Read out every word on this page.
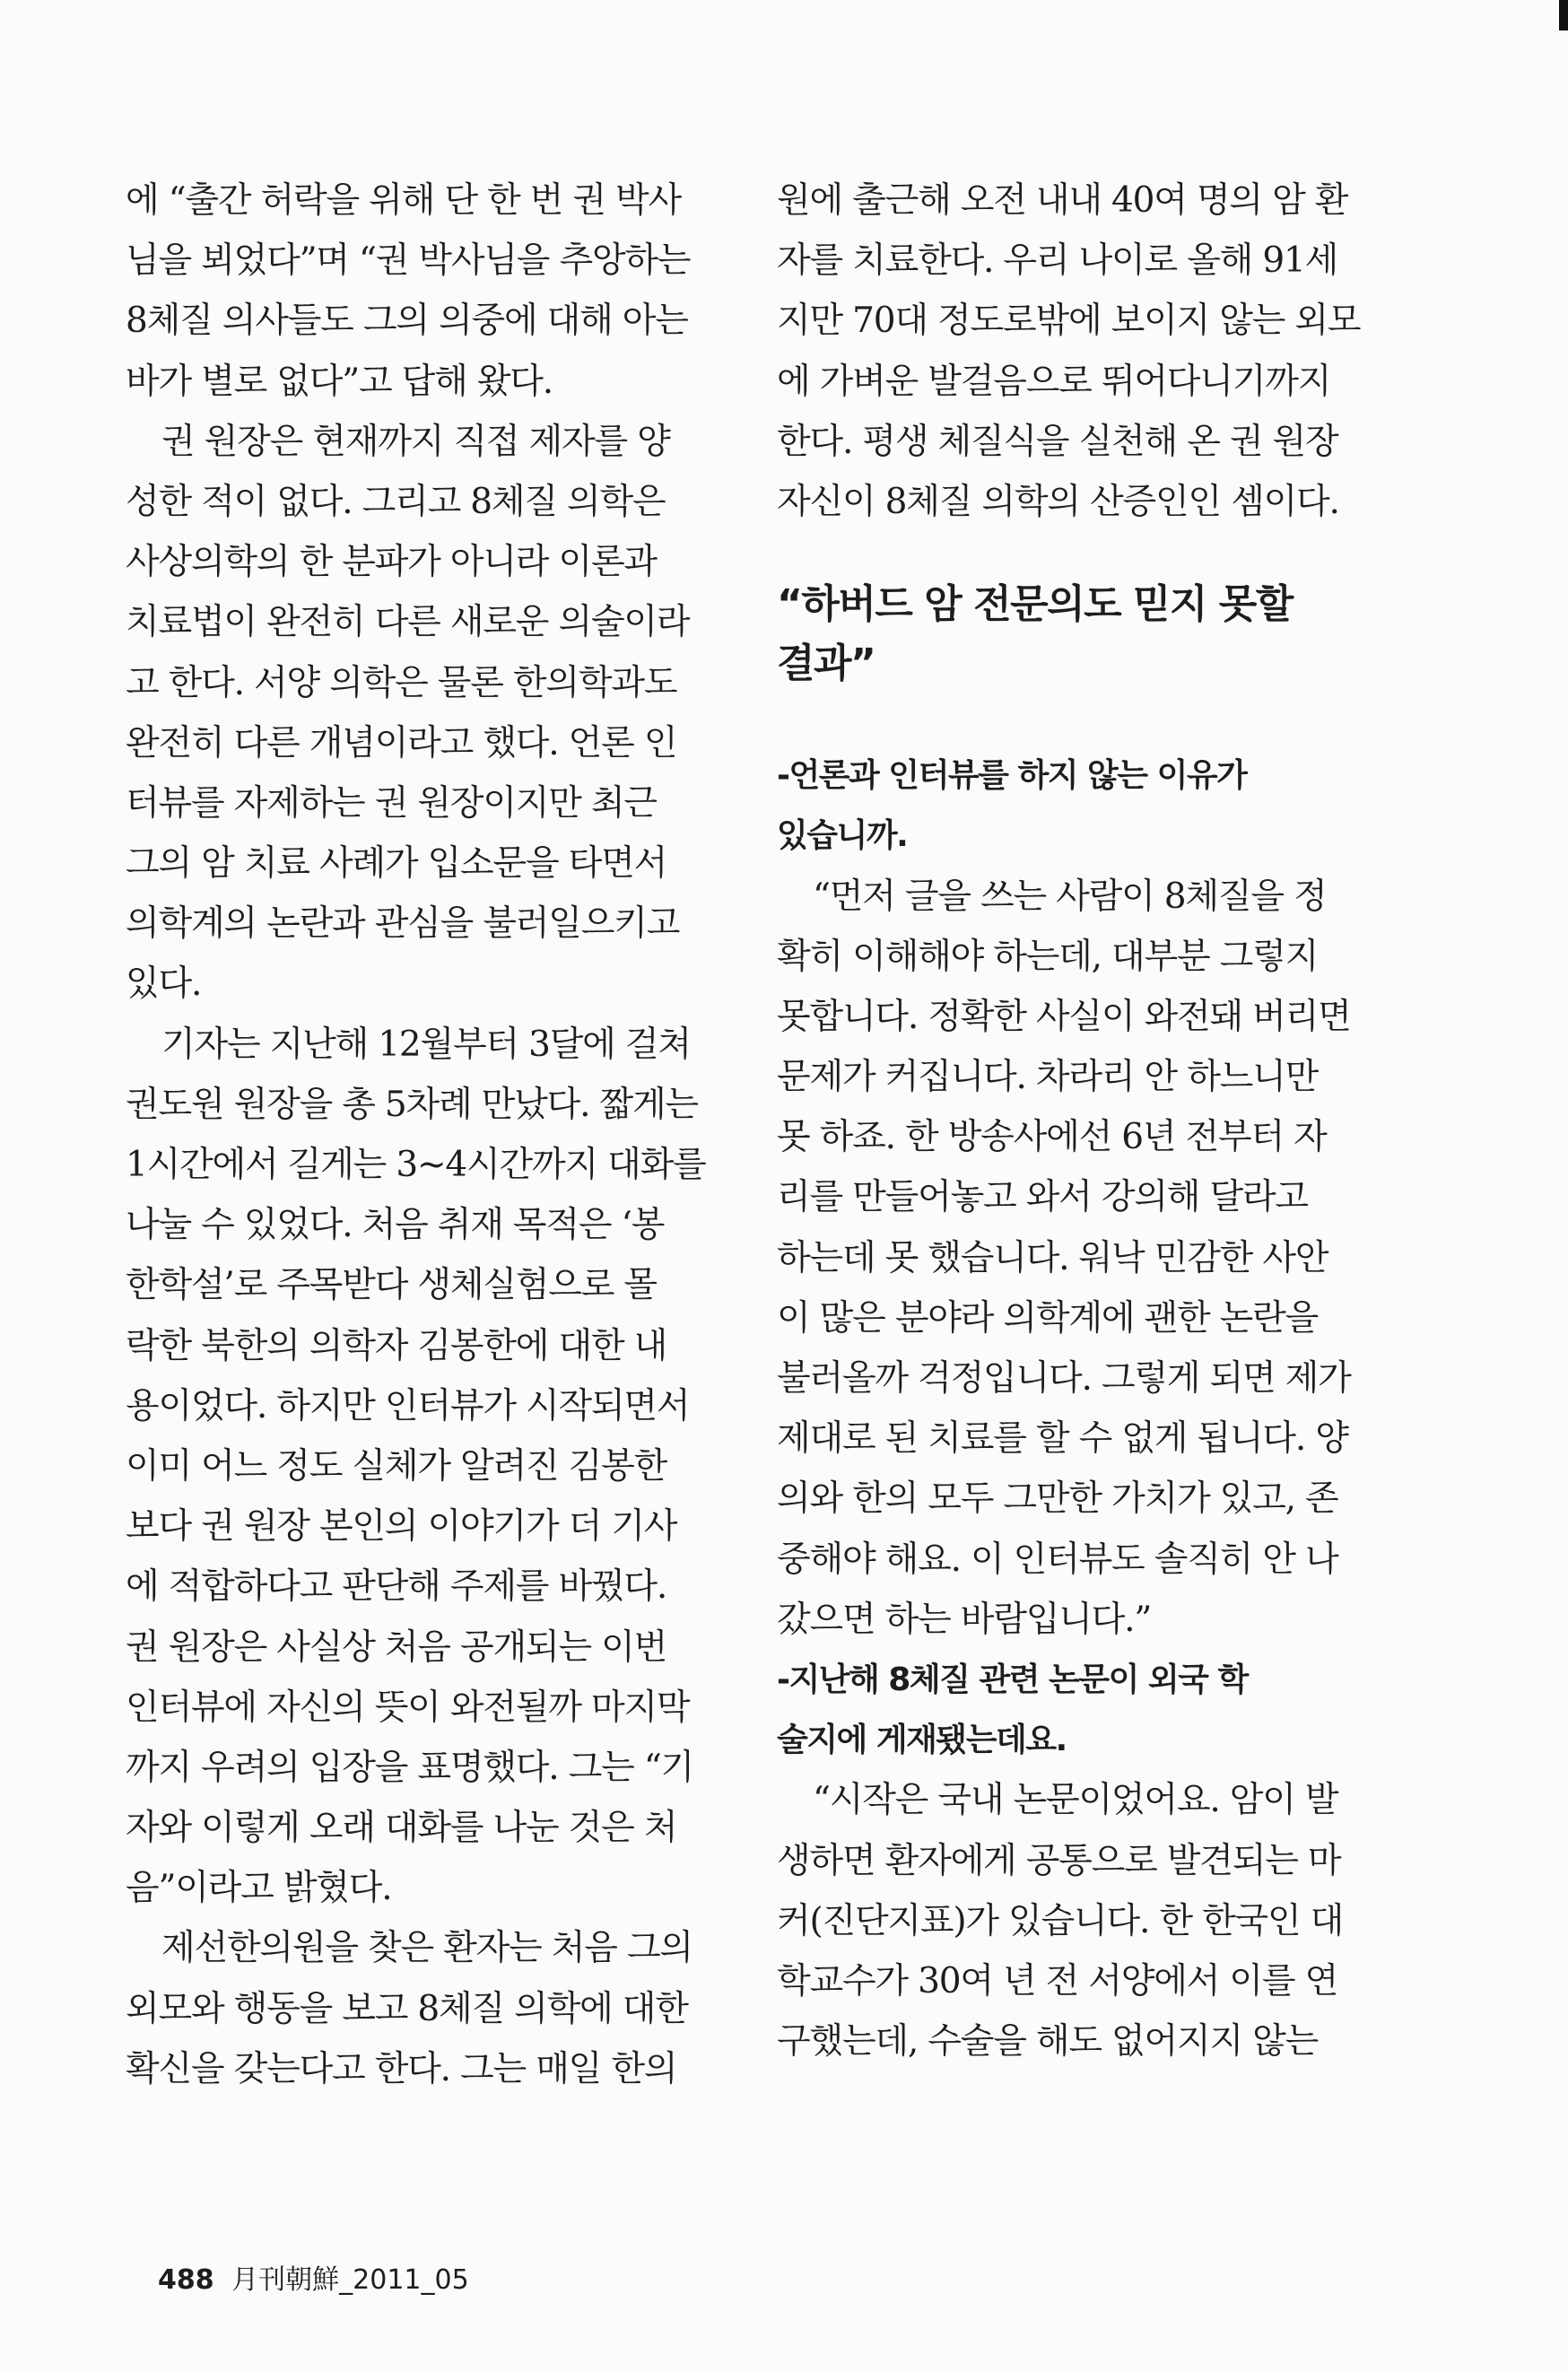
에 “출간 허락을 위해 단 한 번 권 박사
님을 뵈었다”며 “권 박사님을 추앙하는
8체질 의사들도 그의 의중에 대해 아는
바가 별로 없다”고 답해 왔다.
권 원장은 현재까지 직접 제자를 양
성한 적이 없다. 그리고 8체질 의학은
사상의학의 한 분파가 아니라 이론과
치료법이 완전히 다른 새로운 의술이라
고 한다. 서양 의학은 물론 한의학과도
완전히 다른 개념이라고 했다. 언론 인
터뷰를 자제하는 권 원장이지만 최근
그의 암 치료 사례가 입소문을 타면서
의학계의 논란과 관심을 불러일으키고
있다.
기자는 지난해 12월부터 3달에 걸쳐
권도원 원장을 총 5차례 만났다. 짧게는
1시간에서 길게는 3~4시간까지 대화를
나눌 수 있었다. 처음 취재 목적은 ‘봉
한학설’로 주목받다 생체실험으로 몰
락한 북한의 의학자 김봉한에 대한 내
용이었다. 하지만 인터뷰가 시작되면서
이미 어느 정도 실체가 알려진 김봉한
보다 권 원장 본인의 이야기가 더 기사
에 적합하다고 판단해 주제를 바꿨다.
권 원장은 사실상 처음 공개되는 이번
인터뷰에 자신의 뜻이 와전될까 마지막
까지 우려의 입장을 표명했다. 그는 “기
자와 이렇게 오래 대화를 나눈 것은 처
음”이라고 밝혔다.
제선한의원을 찾은 환자는 처음 그의
외모와 행동을 보고 8체질 의학에 대한
확신을 갖는다고 한다. 그는 매일 한의
원에 출근해 오전 내내 40여 명의 암 환
자를 치료한다. 우리 나이로 올해 91세
지만 70대 정도로밖에 보이지 않는 외모
에 가벼운 발걸음으로 뛰어다니기까지
한다. 평생 체질식을 실천해 온 권 원장
자신이 8체질 의학의 산증인인 셈이다.
“하버드 암 전문의도 믿지 못할
결과”
-언론과 인터뷰를 하지 않는 이유가
있습니까.
“먼저 글을 쓰는 사람이 8체질을 정
확히 이해해야 하는데, 대부분 그렇지
못합니다. 정확한 사실이 와전돼 버리면
문제가 커집니다. 차라리 안 하느니만
못 하죠. 한 방송사에선 6년 전부터 자
리를 만들어놓고 와서 강의해 달라고
하는데 못 했습니다. 워낙 민감한 사안
이 많은 분야라 의학계에 괜한 논란을
불러올까 걱정입니다. 그렇게 되면 제가
제대로 된 치료를 할 수 없게 됩니다. 양
의와 한의 모두 그만한 가치가 있고, 존
중해야 해요. 이 인터뷰도 솔직히 안 나
갔으면 하는 바람입니다.”
-지난해 8체질 관련 논문이 외국 학
술지에 게재됐는데요.
“시작은 국내 논문이었어요. 암이 발
생하면 환자에게 공통으로 발견되는 마
커(진단지표)가 있습니다. 한 한국인 대
학교수가 30여 년 전 서양에서 이를 연
구했는데, 수술을 해도 없어지지 않는
488 月刊朝鮮_2011_05
